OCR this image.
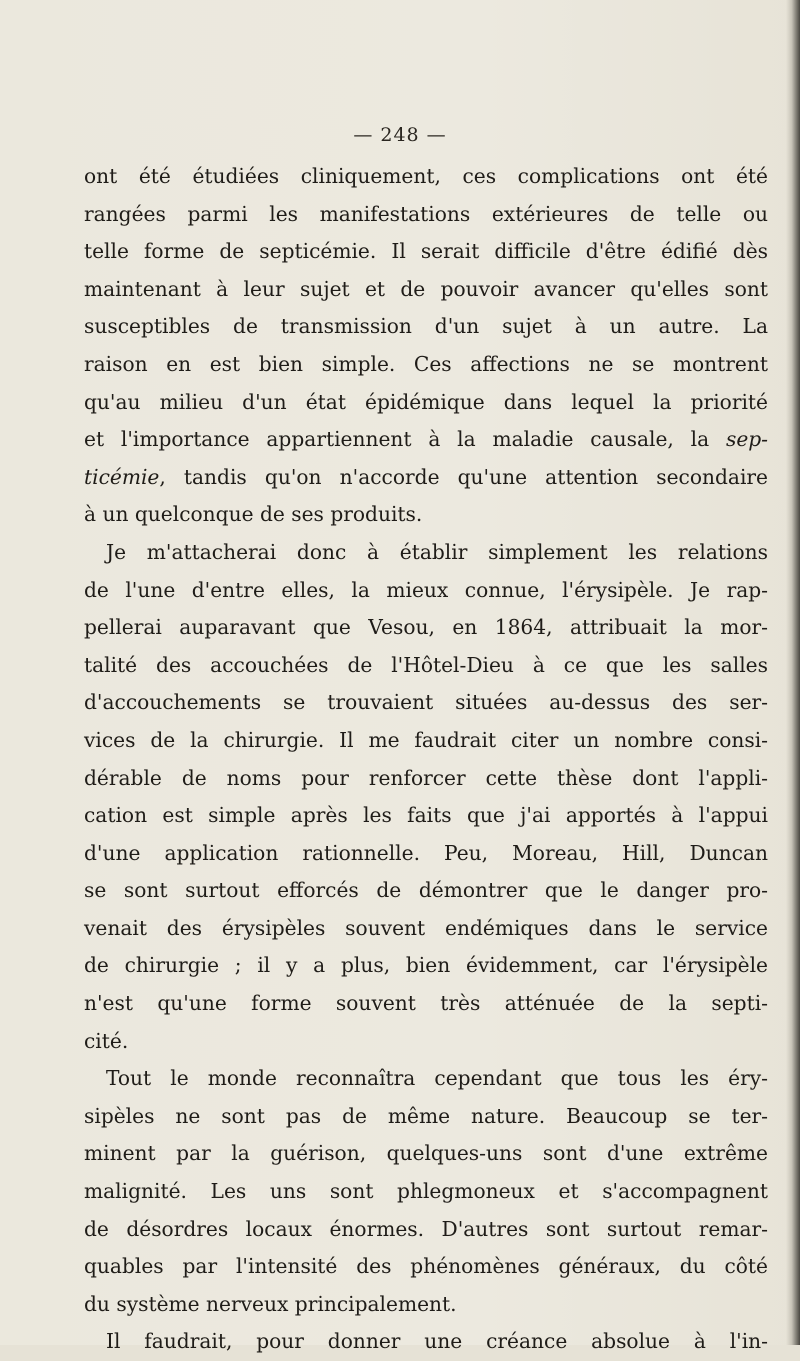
— 248 —
ont été étudiées cliniquement, ces complications ont été
rangées parmi les manifestations extérieures de telle ou
telle forme de septicémie. Il serait difficile d'être édifié dès
maintenant à leur sujet et de pouvoir avancer qu'elles sont
susceptibles de transmission d'un sujet à un autre. La
raison en est bien simple. Ces affections ne se montrent
qu'au milieu d'un état épidémique dans lequel la priorité
et l'importance appartiennent à la maladie causale, la sep-
ticémie, tandis qu'on n'accorde qu'une attention secondaire
à un quelconque de ses produits.
Je m'attacherai donc à établir simplement les relations
de l'une d'entre elles, la mieux connue, l'érysipèle. Je rap-
pellerai auparavant que Vesou, en 1864, attribuait la mor-
talité des accouchées de l'Hôtel-Dieu à ce que les salles
d'accouchements se trouvaient situées au-dessus des ser-
vices de la chirurgie. Il me faudrait citer un nombre consi-
dérable de noms pour renforcer cette thèse dont l'appli-
cation est simple après les faits que j'ai apportés à l'appui
d'une application rationnelle. Peu, Moreau, Hill, Duncan
se sont surtout efforcés de démontrer que le danger pro-
venait des érysipèles souvent endémiques dans le service
de chirurgie ; il y a plus, bien évidemment, car l'érysipèle
n'est qu'une forme souvent très atténuée de la septi-
cité.
Tout le monde reconnaîtra cependant que tous les éry-
sipèles ne sont pas de même nature. Beaucoup se ter-
minent par la guérison, quelques-uns sont d'une extrême
malignité. Les uns sont phlegmoneux et s'accompagnent
de désordres locaux énormes. D'autres sont surtout remar-
quables par l'intensité des phénomènes généraux, du côté
du système nerveux principalement.
Il faudrait, pour donner une créance absolue à l'in-
